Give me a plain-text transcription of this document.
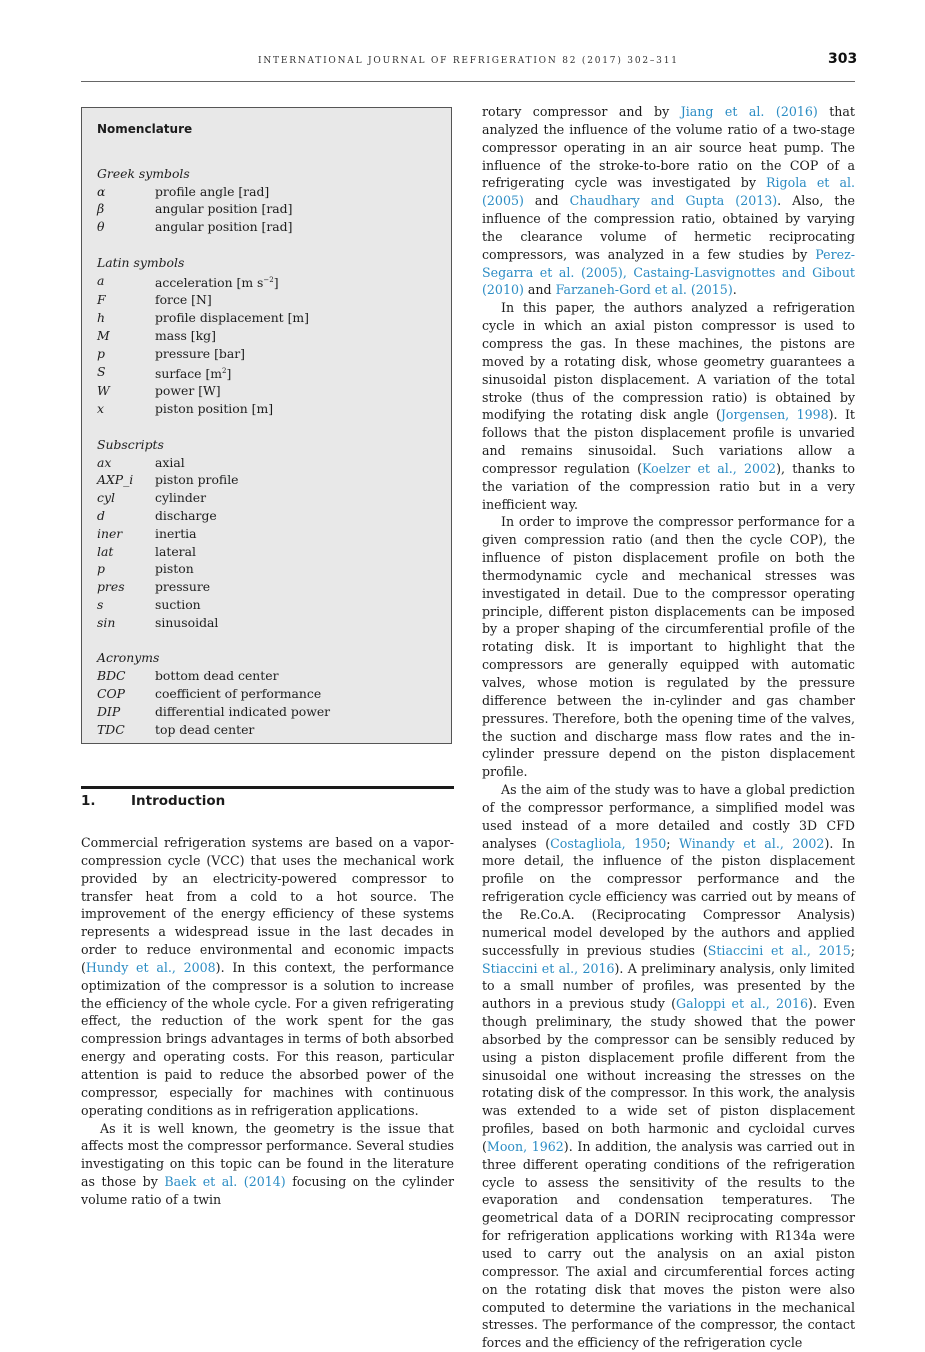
INTERNATIONAL JOURNAL OF REFRIGERATION 82 (2017) 302–311	303
Nomenclature
Greek symbols
α	profile angle [rad]
β	angular position [rad]
θ	angular position [rad]
Latin symbols
a	acceleration [m $s^{-2}$]
F	force [N]
h	profile displacement [m]
M	mass [kg]
p	pressure [bar]
S	surface $[m^2]$
W	power [W]
x	piston position [m]
Subscripts
ax	axial
AXP_i	piston profile
cyl	cylinder
d	discharge
iner	inertia
lat	lateral
p	piston
pres	pressure
s	suction
sin	sinusoidal
Acronyms
BDC	bottom dead center
COP	coefficient of performance
DIP	differential indicated power
TDC	top dead center
1.	Introduction

Commercial refrigeration systems are based on a vapor-compression cycle (VCC) that uses the mechanical work provided by an electricity-powered compressor to transfer heat from a cold to a hot source. The improvement of the energy efficiency of these systems represents a widespread issue in the last decades in order to reduce environmental and economic impacts (Hundy et al., 2008). In this context, the performance optimization of the compressor is a solution to increase the efficiency of the whole cycle. For a given refrigerating effect, the reduction of the work spent for the gas compression brings advantages in terms of both absorbed energy and operating costs. For this reason, particular attention is paid to reduce the absorbed power of the compressor, especially for machines with continuous operating conditions as in refrigeration applications.

As it is well known, the geometry is the issue that affects most the compressor performance. Several studies investigating on this topic can be found in the literature as those by Baek et al. (2014) focusing on the cylinder volume ratio of a twin

rotary compressor and by Jiang et al. (2016) that analyzed the influence of the volume ratio of a two-stage compressor operating in an air source heat pump. The influence of the stroke-to-bore ratio on the COP of a refrigerating cycle was investigated by Rigola et al. (2005) and Chaudhary and Gupta (2013). Also, the influence of the compression ratio, obtained by varying the clearance volume of hermetic reciprocating compressors, was analyzed in a few studies by Perez-Segarra et al. (2005), Castaing-Lasvignottes and Gibout (2010) and Farzaneh-Gord et al. (2015).

In this paper, the authors analyzed a refrigeration cycle in which an axial piston compressor is used to compress the gas. In these machines, the pistons are moved by a rotating disk, whose geometry guarantees a sinusoidal piston displacement. A variation of the total stroke (thus of the compression ratio) is obtained by modifying the rotating disk angle (Jorgensen, 1998). It follows that the piston displacement profile is unvaried and remains sinusoidal. Such variations allow a compressor regulation (Koelzer et al., 2002), thanks to the variation of the compression ratio but in a very inefficient way.

In order to improve the compressor performance for a given compression ratio (and then the cycle COP), the influence of piston displacement profile on both the thermodynamic cycle and mechanical stresses was investigated in detail. Due to the compressor operating principle, different piston displacements can be imposed by a proper shaping of the circumferential profile of the rotating disk. It is important to highlight that the compressors are generally equipped with automatic valves, whose motion is regulated by the pressure difference between the in-cylinder and gas chamber pressures. Therefore, both the opening time of the valves, the suction and discharge mass flow rates and the in-cylinder pressure depend on the piston displacement profile.

As the aim of the study was to have a global prediction of the compressor performance, a simplified model was used instead of a more detailed and costly 3D CFD analyses (Costagliola, 1950; Winandy et al., 2002). In more detail, the influence of the piston displacement profile on the compressor performance and the refrigeration cycle efficiency was carried out by means of the Re.Co.A. (Reciprocating Compressor Analysis) numerical model developed by the authors and applied successfully in previous studies (Stiaccini et al., 2015; Stiaccini et al., 2016). A preliminary analysis, only limited to a small number of profiles, was presented by the authors in a previous study (Galoppi et al., 2016). Even though preliminary, the study showed that the power absorbed by the compressor can be sensibly reduced by using a piston displacement profile different from the sinusoidal one without increasing the stresses on the rotating disk of the compressor. In this work, the analysis was extended to a wide set of piston displacement profiles, based on both harmonic and cycloidal curves (Moon, 1962). In addition, the analysis was carried out in three different operating conditions of the refrigeration cycle to assess the sensitivity of the results to the evaporation and condensation temperatures. The geometrical data of a DORIN reciprocating compressor for refrigeration applications working with R134a were used to carry out the analysis on an axial piston compressor. The axial and circumferential forces acting on the rotating disk that moves the piston were also computed to determine the variations in the mechanical stresses. The performance of the compressor, the contact forces and the efficiency of the refrigeration cycle
